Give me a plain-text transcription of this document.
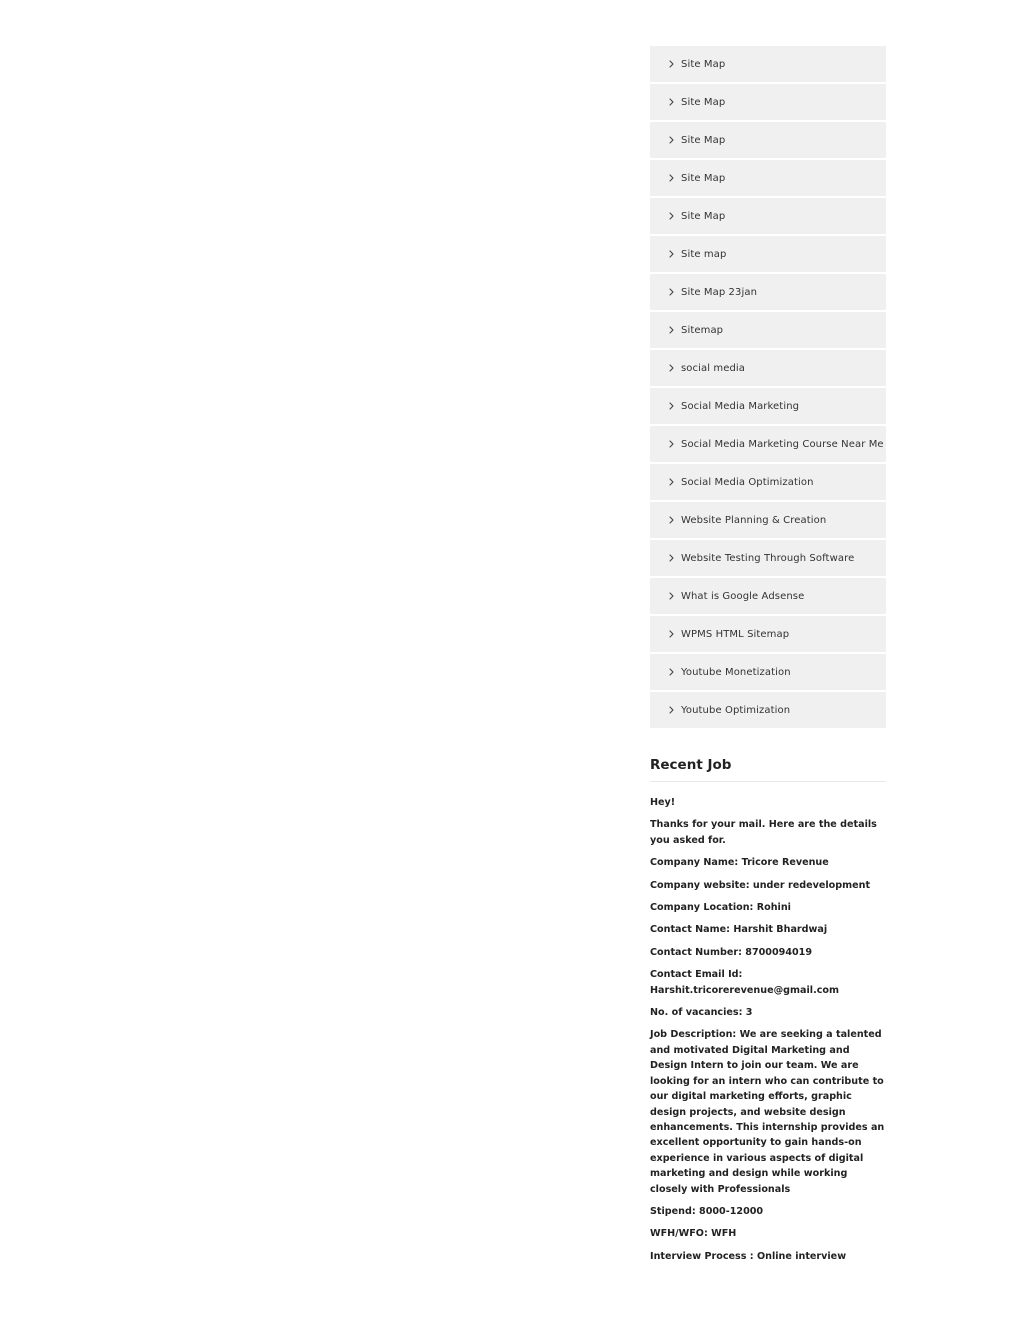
Site Map
Site Map
Site Map
Site Map
Site Map
Site map
Site Map 23jan
Sitemap
social media
Social Media Marketing
Social Media Marketing Course Near Me
Social Media Optimization
Website Planning & Creation
Website Testing Through Software
What is Google Adsense
WPMS HTML Sitemap
Youtube Monetization
Youtube Optimization
Recent Job

Hey!

Thanks for your mail. Here are the details you asked for.

Company Name: Tricore Revenue

Company website: under redevelopment

Company Location: Rohini

Contact Name: Harshit Bhardwaj

Contact Number: 8700094019

Contact Email Id: Harshit.tricorerevenue@gmail.com

No. of vacancies: 3

Job Description: We are seeking a talented and motivated Digital Marketing and Design Intern to join our team. We are looking for an intern who can contribute to our digital marketing efforts, graphic design projects, and website design enhancements. This internship provides an excellent opportunity to gain hands-on experience in various aspects of digital marketing and design while working closely with Professionals

Stipend: 8000-12000

WFH/WFO: WFH

Interview Process : Online interview
